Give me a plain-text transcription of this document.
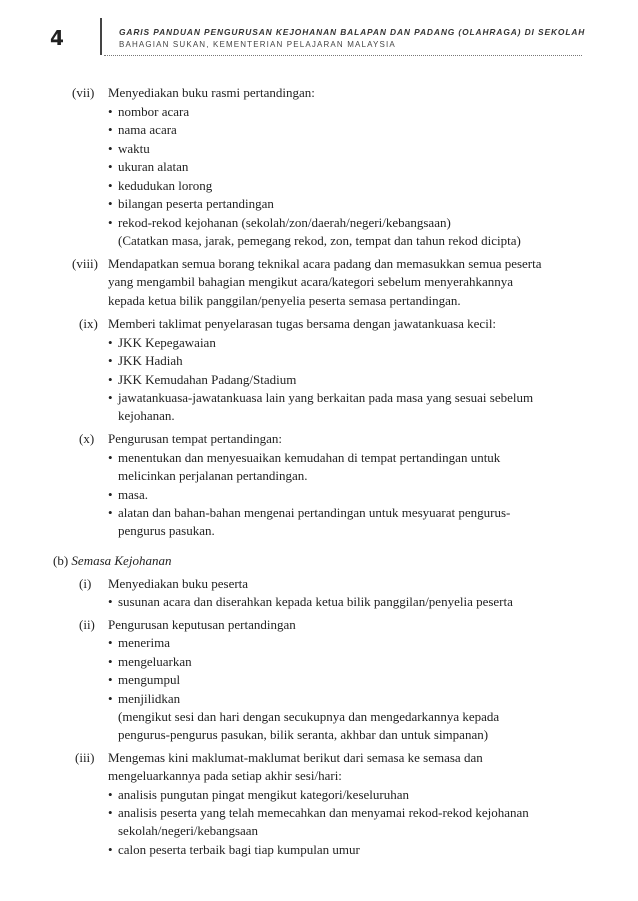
4	GARIS PANDUAN PENGURUSAN KEJOHANAN BALAPAN DAN PADANG (OLAHRAGA) DI SEKOLAH
BAHAGIAN SUKAN, KEMENTERIAN PELAJARAN MALAYSIA
(vii) Menyediakan buku rasmi pertandingan:
• nombor acara
• nama acara
• waktu
• ukuran alatan
• kedudukan lorong
• bilangan peserta pertandingan
• rekod-rekod kejohanan (sekolah/zon/daerah/negeri/kebangsaan)
(Catatkan masa, jarak, pemegang rekod, zon, tempat dan tahun rekod dicipta)
(viii) Mendapatkan semua borang teknikal acara padang dan memasukkan semua peserta
yang mengambil bahagian mengikut acara/kategori sebelum menyerahkannya
kepada ketua bilik panggilan/penyelia peserta semasa pertandingan.
(ix) Memberi taklimat penyelarasan tugas bersama dengan jawatankuasa kecil:
• JKK Kepegawaian
• JKK Hadiah
• JKK Kemudahan Padang/Stadium
• jawatankuasa-jawatankuasa lain yang berkaitan pada masa yang sesuai sebelum
kejohanan.
(x) Pengurusan tempat pertandingan:
• menentukan dan menyesuaikan kemudahan di tempat pertandingan untuk
melicinkan perjalanan pertandingan.
• masa.
• alatan dan bahan-bahan mengenai pertandingan untuk mesyuarat pengurus-
pengurus pasukan.
(b) Semasa Kejohanan
(i) Menyediakan buku peserta
• susunan acara dan diserahkan kepada ketua bilik panggilan/penyelia peserta
(ii) Pengurusan keputusan pertandingan
• menerima
• mengeluarkan
• mengumpul
• menjilidkan
(mengikut sesi dan hari dengan secukupnya dan mengedarkannya kepada
pengurus-pengurus pasukan, bilik seranta, akhbar dan untuk simpanan)
(iii) Mengemas kini maklumat-maklumat berikut dari semasa ke semasa dan
mengeluarkannya pada setiap akhir sesi/hari:
• analisis pungutan pingat mengikut kategori/keseluruhan
• analisis peserta yang telah memecahkan dan menyamai rekod-rekod kejohanan
sekolah/negeri/kebangsaan
• calon peserta terbaik bagi tiap kumpulan umur
